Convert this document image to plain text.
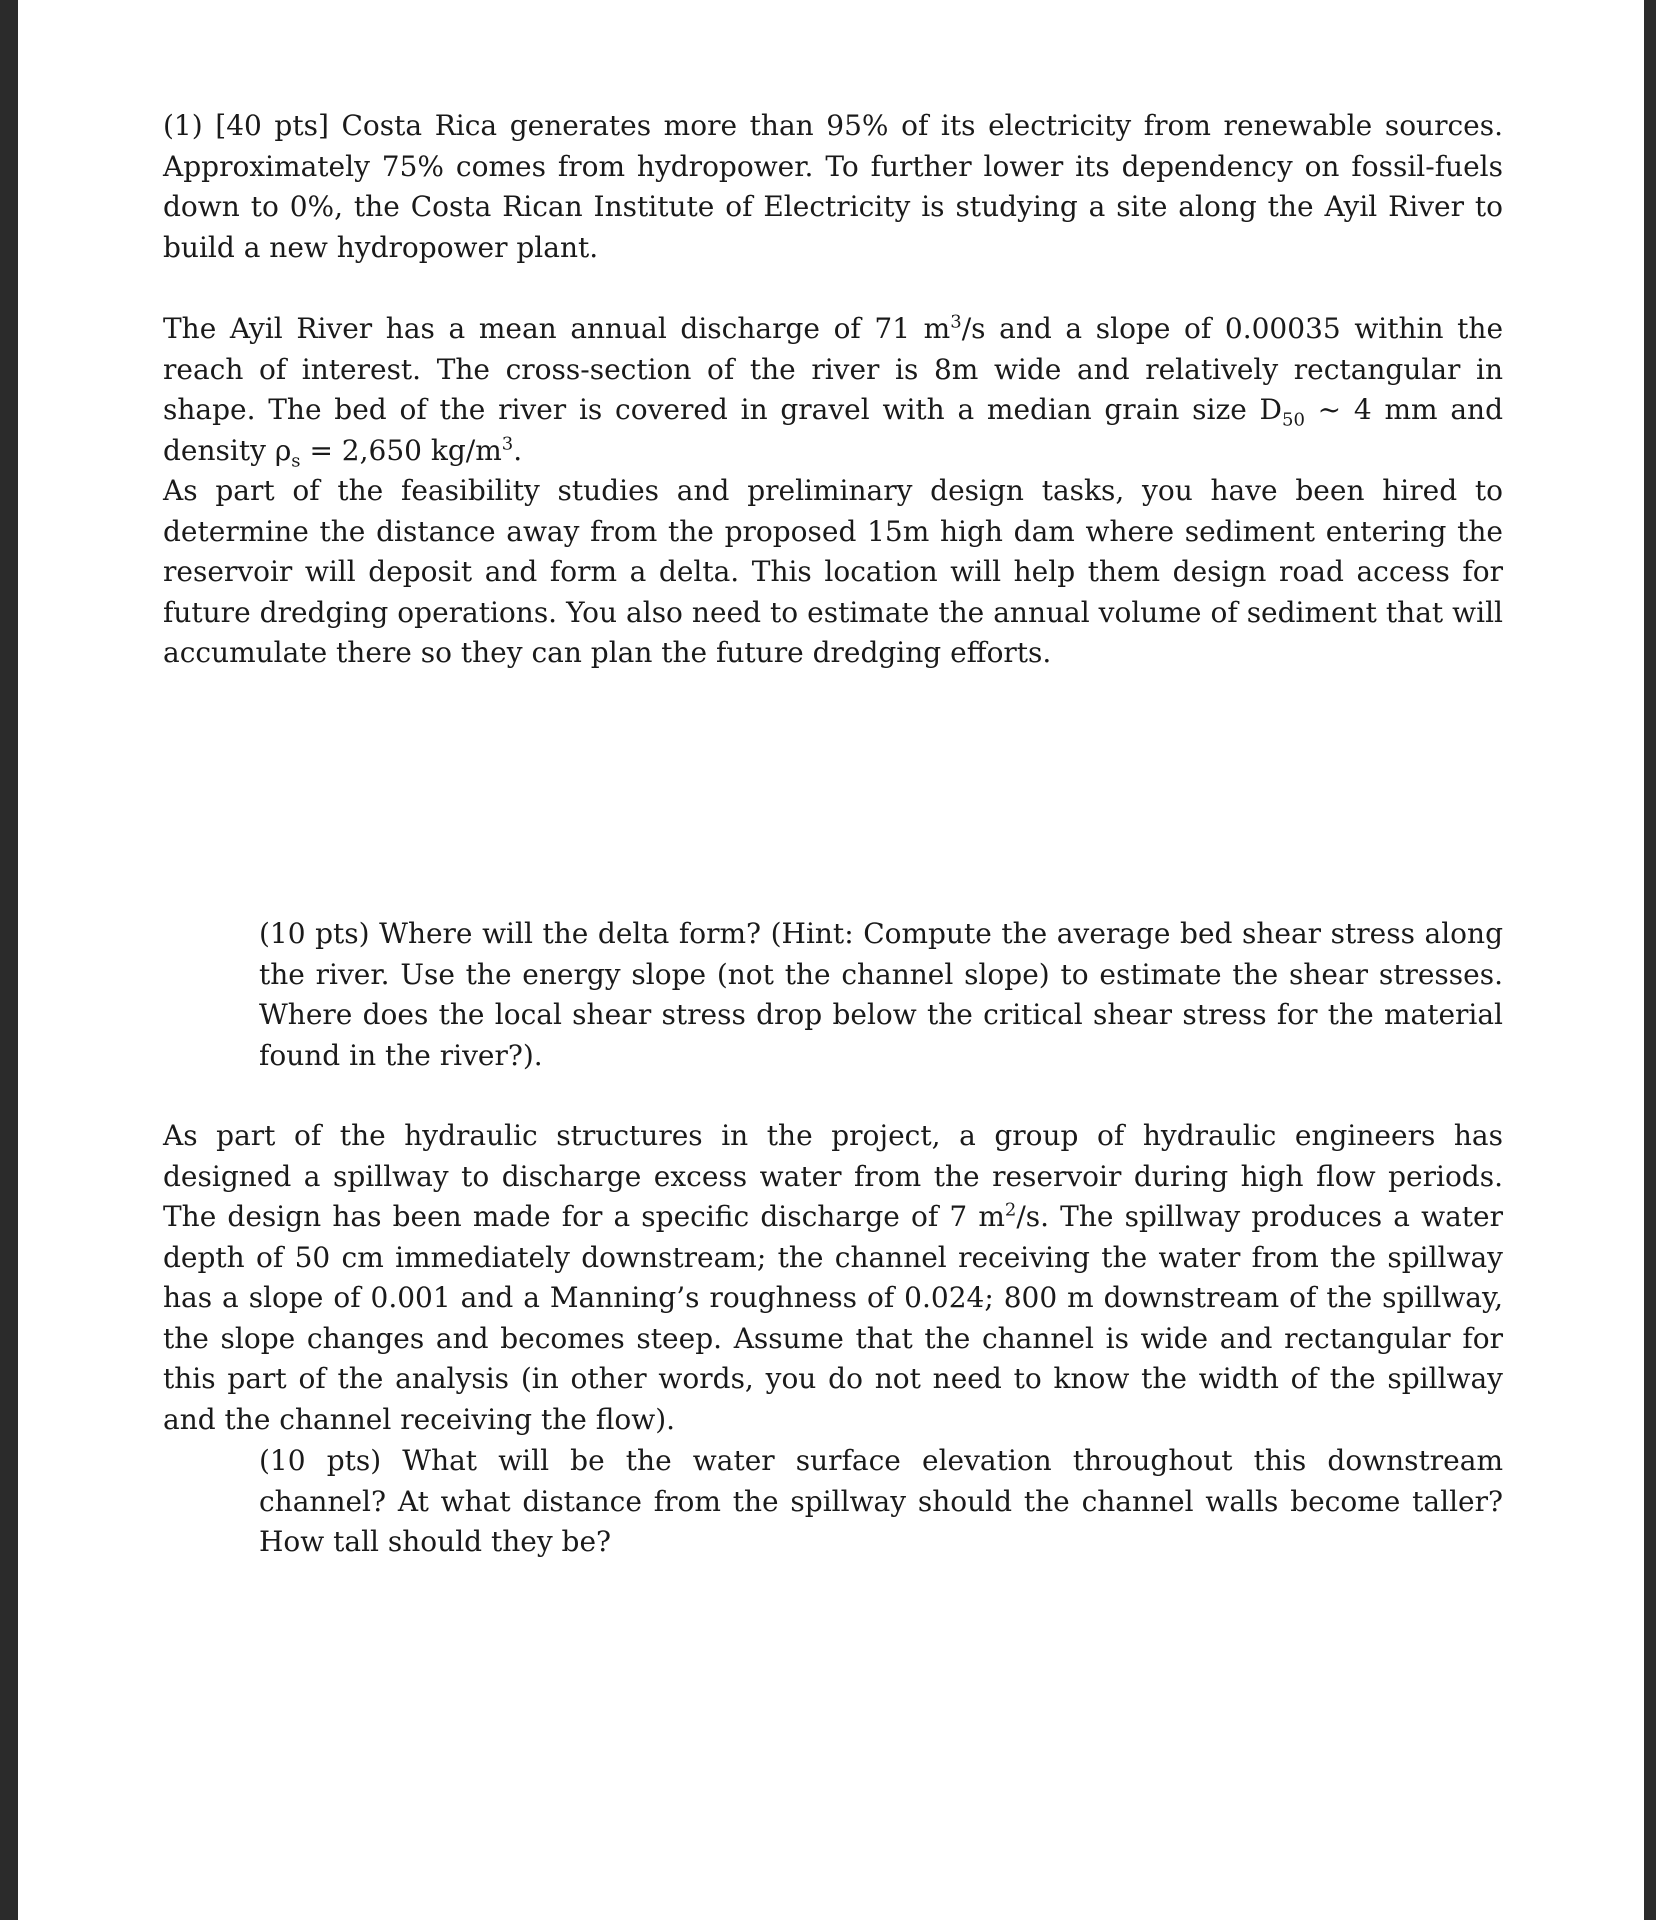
(1) [40 pts] Costa Rica generates more than 95% of its electricity from renewable sources. Approximately 75% comes from hydropower. To further lower its dependency on fossil-fuels down to 0%, the Costa Rican Institute of Electricity is studying a site along the Ayil River to build a new hydropower plant.

The Ayil River has a mean annual discharge of 71 $m^3/s$ and a slope of 0.00035 within the reach of interest. The cross-section of the river is 8m wide and relatively rectangular in shape. The bed of the river is covered in gravel with a median grain size $D_{50}$ ~ 4 mm and density $\rho_s = 2,650$ $kg/m^3$.

As part of the feasibility studies and preliminary design tasks, you have been hired to determine the distance away from the proposed 15m high dam where sediment entering the reservoir will deposit and form a delta. This location will help them design road access for future dredging operations. You also need to estimate the annual volume of sediment that will accumulate there so they can plan the future dredging efforts.

(10 pts) Where will the delta form? (Hint: Compute the average bed shear stress along the river. Use the energy slope (not the channel slope) to estimate the shear stresses. Where does the local shear stress drop below the critical shear stress for the material found in the river?).

As part of the hydraulic structures in the project, a group of hydraulic engineers has designed a spillway to discharge excess water from the reservoir during high flow periods. The design has been made for a specific discharge of 7 $m^2/s$. The spillway produces a water depth of 50 cm immediately downstream; the channel receiving the water from the spillway has a slope of 0.001 and a Manning’s roughness of 0.024; 800 m downstream of the spillway, the slope changes and becomes steep. Assume that the channel is wide and rectangular for this part of the analysis (in other words, you do not need to know the width of the spillway and the channel receiving the flow).

(10 pts) What will be the water surface elevation throughout this downstream channel? At what distance from the spillway should the channel walls become taller? How tall should they be?
